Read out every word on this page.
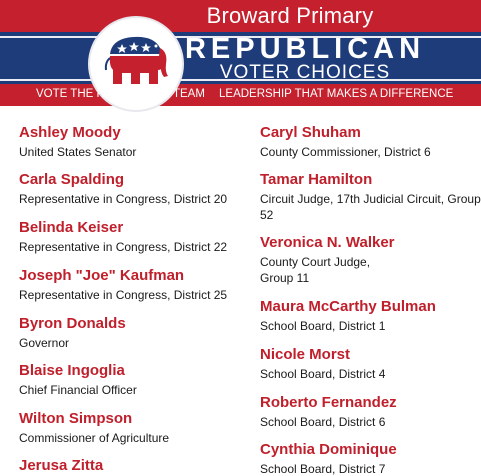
Broward Primary
REPUBLICAN
VOTER CHOICES
VOTE THE REPUBLICAN TEAM LEADERSHIP THAT MAKES A DIFFERENCE
Ashley Moody
United States Senator
Carla Spalding
Representative in Congress, District 20
Belinda Keiser
Representative in Congress, District 22
Joseph "Joe" Kaufman
Representative in Congress, District 25
Byron Donalds
Governor
Blaise Ingoglia
Chief Financial Officer
Wilton Simpson
Commissioner of Agriculture
Jerusa Zitta
Caryl Shuham
County Commissioner, District 6
Tamar Hamilton
Circuit Judge, 17th Judicial Circuit, Group 52
Veronica N. Walker
County Court Judge, Group 11
Maura McCarthy Bulman
School Board, District 1
Nicole Morst
School Board, District 4
Roberto Fernandez
School Board, District 6
Cynthia Dominique
School Board, District 7
